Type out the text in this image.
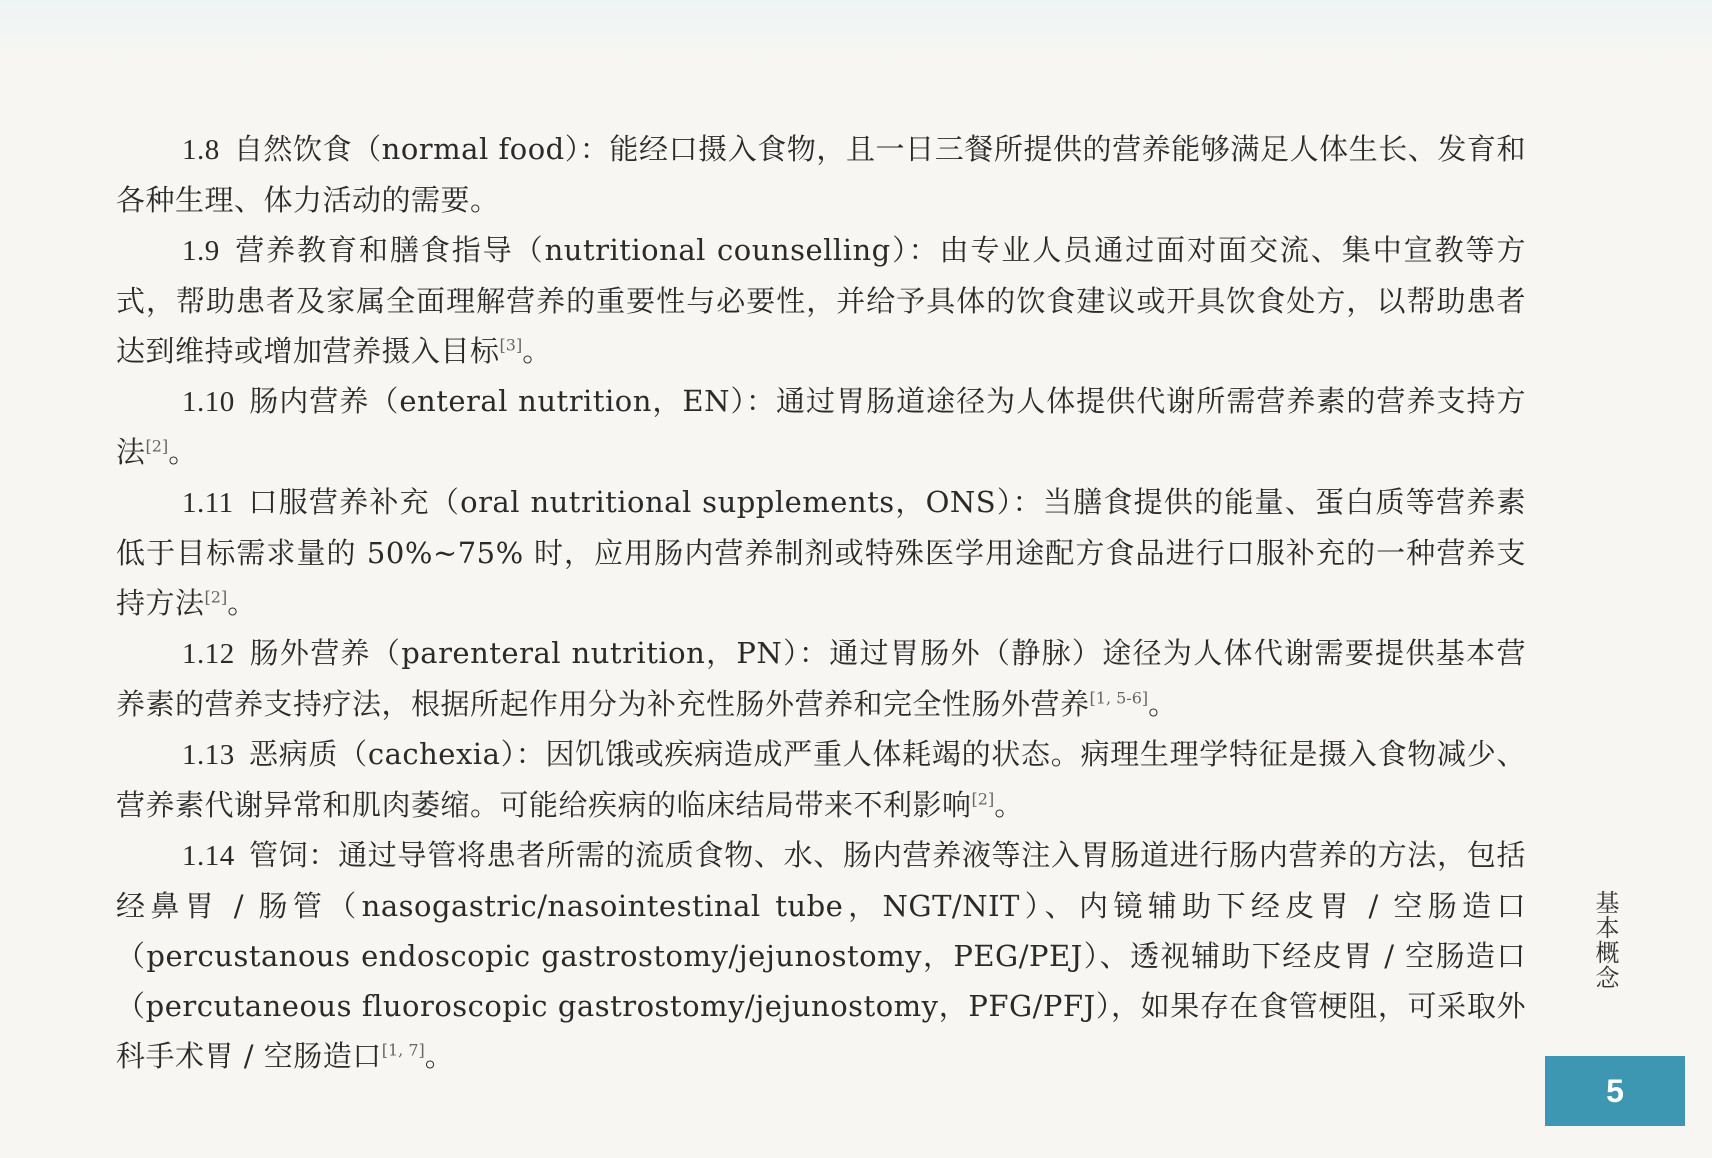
1.8 自然饮食（normal food）：能经口摄入食物，且一日三餐所提供的营养能够满足人体生长、发育和各种生理、体力活动的需要。

1.9 营养教育和膳食指导（nutritional counselling）：由专业人员通过面对面交流、集中宣教等方式，帮助患者及家属全面理解营养的重要性与必要性，并给予具体的饮食建议或开具饮食处方，以帮助患者达到维持或增加营养摄入目标[3]。

1.10 肠内营养（enteral nutrition，EN）：通过胃肠道途径为人体提供代谢所需营养素的营养支持方法[2]。

1.11 口服营养补充（oral nutritional supplements，ONS）：当膳食提供的能量、蛋白质等营养素低于目标需求量的 50%~75% 时，应用肠内营养制剂或特殊医学用途配方食品进行口服补充的一种营养支持方法[2]。

1.12 肠外营养（parenteral nutrition，PN）：通过胃肠外（静脉）途径为人体代谢需要提供基本营养素的营养支持疗法，根据所起作用分为补充性肠外营养和完全性肠外营养[1, 5-6]。

1.13 恶病质（cachexia）：因饥饿或疾病造成严重人体耗竭的状态。病理生理学特征是摄入食物减少、营养素代谢异常和肌肉萎缩。可能给疾病的临床结局带来不利影响[2]。

1.14 管饲：通过导管将患者所需的流质食物、水、肠内营养液等注入胃肠道进行肠内营养的方法，包括经鼻胃 / 肠管（nasogastric/nasointestinal tube，NGT/NIT）、内镜辅助下经皮胃 / 空肠造口（percustanous endoscopic gastrostomy/jejunostomy，PEG/PEJ）、透视辅助下经皮胃 / 空肠造口（percutaneous fluoroscopic gastrostomy/jejunostomy，PFG/PFJ），如果存在食管梗阻，可采取外科手术胃 / 空肠造口[1, 7]。

基本概念
5
